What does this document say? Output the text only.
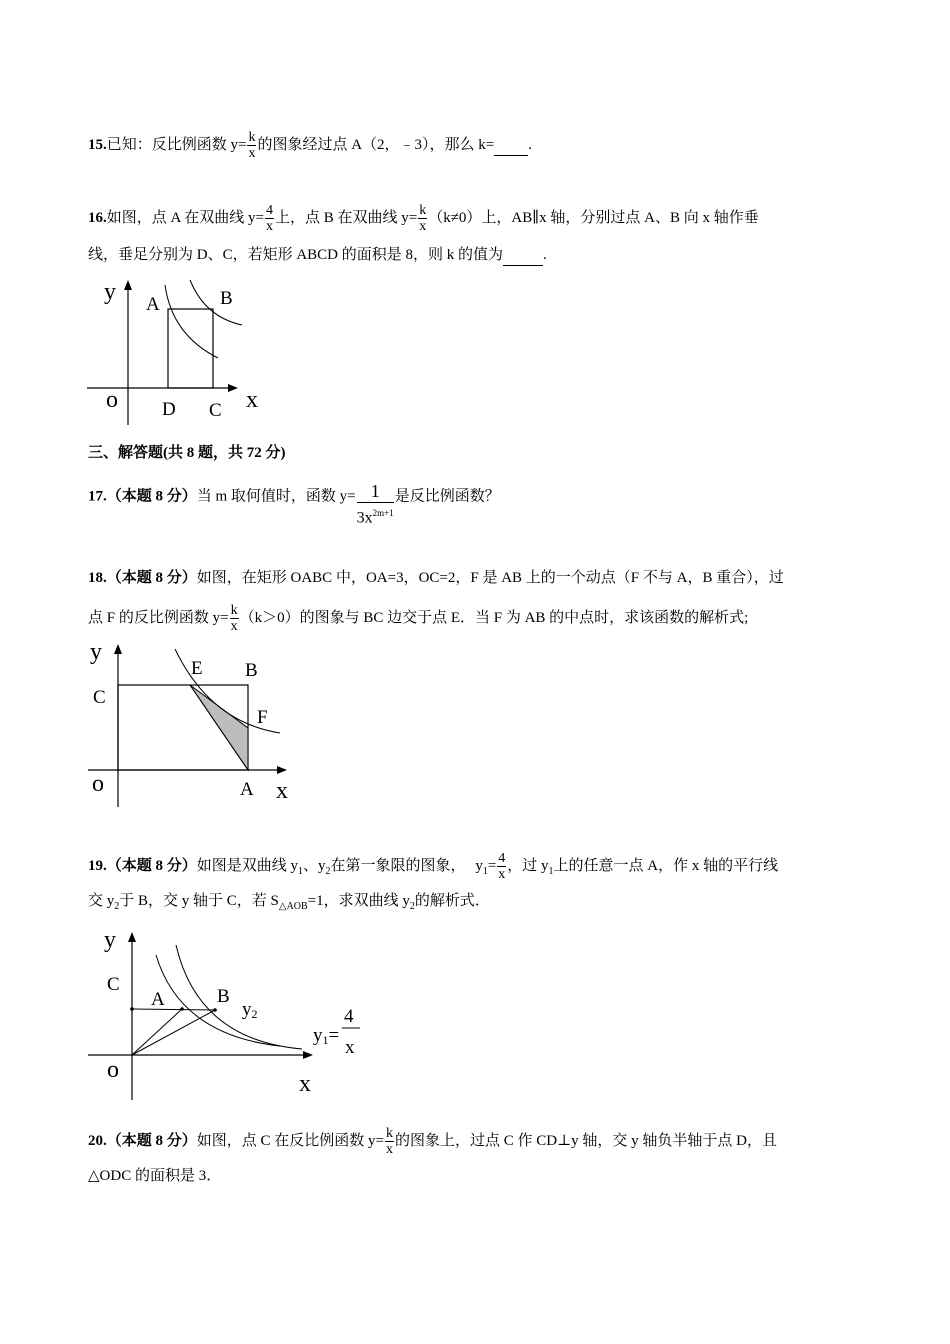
15.已知：反比例函数 $y= \frac{k}{x}$ 的图象经过点 A（2，﹣3），那么 k= .
16.如图，点 A 在双曲线 $y= \frac{4}{x}$ 上，点 B 在双曲线 $y= \frac{k}{x} (k\ne 0)$上，AB∥x 轴，分别过点 A、B 向 x 轴作垂
线，垂足分别为 D、C，若矩形 ABCD 的面积是 8，则 k 的值为	.
y A	B
o D C x
三、解答题(共 8 题，共 72 分)
17.（本题 8 分）当 m 取何值时，函数 $y= \frac{1}{3x^{2m+1}}$ 是反比例函数？
18.（本题 8 分）如图，在矩形 OABC 中，OA=3，OC=2，F 是 AB 上的一个动点（F 不与 A，B 重合），过
点 F 的反比例函数 $y= \frac{k}{x} (k>0)$的图象与 BC 边交于点 E．当 F 为 AB 的中点时，求该函数的解析式;
y
C
E B
F
o	A x
19.（本题 8 分）如图是双曲线 $y_1$、$y_2$在第一象限的图象， $y_1= \frac{4}{x}$ ，过 $y_1$上的任意一点 A，作 x 轴的平行线
交 $y_2$于 B，交 y 轴于 C，若 $S_{\triangle AOB}=1$，求双曲线 $y_2$的解析式．
y
C
A	B
y2
y1=
4
x
o
x
20.（本题 8 分）如图，点 C 在反比例函数 $y= \frac{k}{x}$ 的图象上，过点 C 作 CD⊥y 轴，交 y 轴负半轴于点 D，且
△ODC 的面积是 3．
